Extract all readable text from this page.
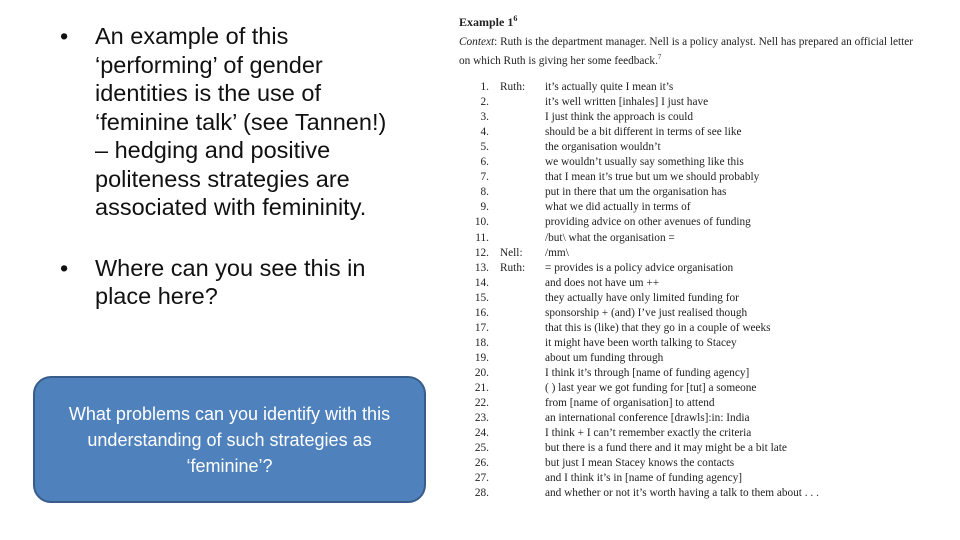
• An example of this ‘performing’ of gender identities is the use of ‘feminine talk’ (see Tannen!) – hedging and positive politeness strategies are associated with femininity.

• Where can you see this in place here?

What problems can you identify with this understanding of such strategies as ‘feminine’?
Example $1^6$
Context: Ruth is the department manager. Nell is a policy analyst. Nell has prepared an official letter on which Ruth is giving her some feedback.$^7$
1. Ruth: it’s actually quite I mean it’s
2.	it’s well written [inhales] I just have
3.	I just think the approach is could
4.	should be a bit different in terms of see like
5.	the organisation wouldn’t
6.	we wouldn’t usually say something like this
7.	that I mean it’s true but um we should probably
8.	put in there that um the organisation has
9.	what we did actually in terms of
10.	providing advice on other avenues of funding
11.	/but\ what the organisation =
12. Nell: /mm\
13. Ruth: = provides is a policy advice organisation
14.	and does not have um ++
15.	they actually have only limited funding for
16.	sponsorship + (and) I’ve just realised though
17.	that this is (like) that they go in a couple of weeks
18.	it might have been worth talking to Stacey
19.	about um funding through
20.	I think it’s through [name of funding agency]
21.	( ) last year we got funding for [tut] a someone
22.	from [name of organisation] to attend
23.	an international conference [drawls]:in: India
24.	I think + I can’t remember exactly the criteria
25.	but there is a fund there and it may might be a bit late
26.	but just I mean Stacey knows the contacts
27.	and I think it’s in [name of funding agency]
28.	and whether or not it’s worth having a talk to them about . . .
